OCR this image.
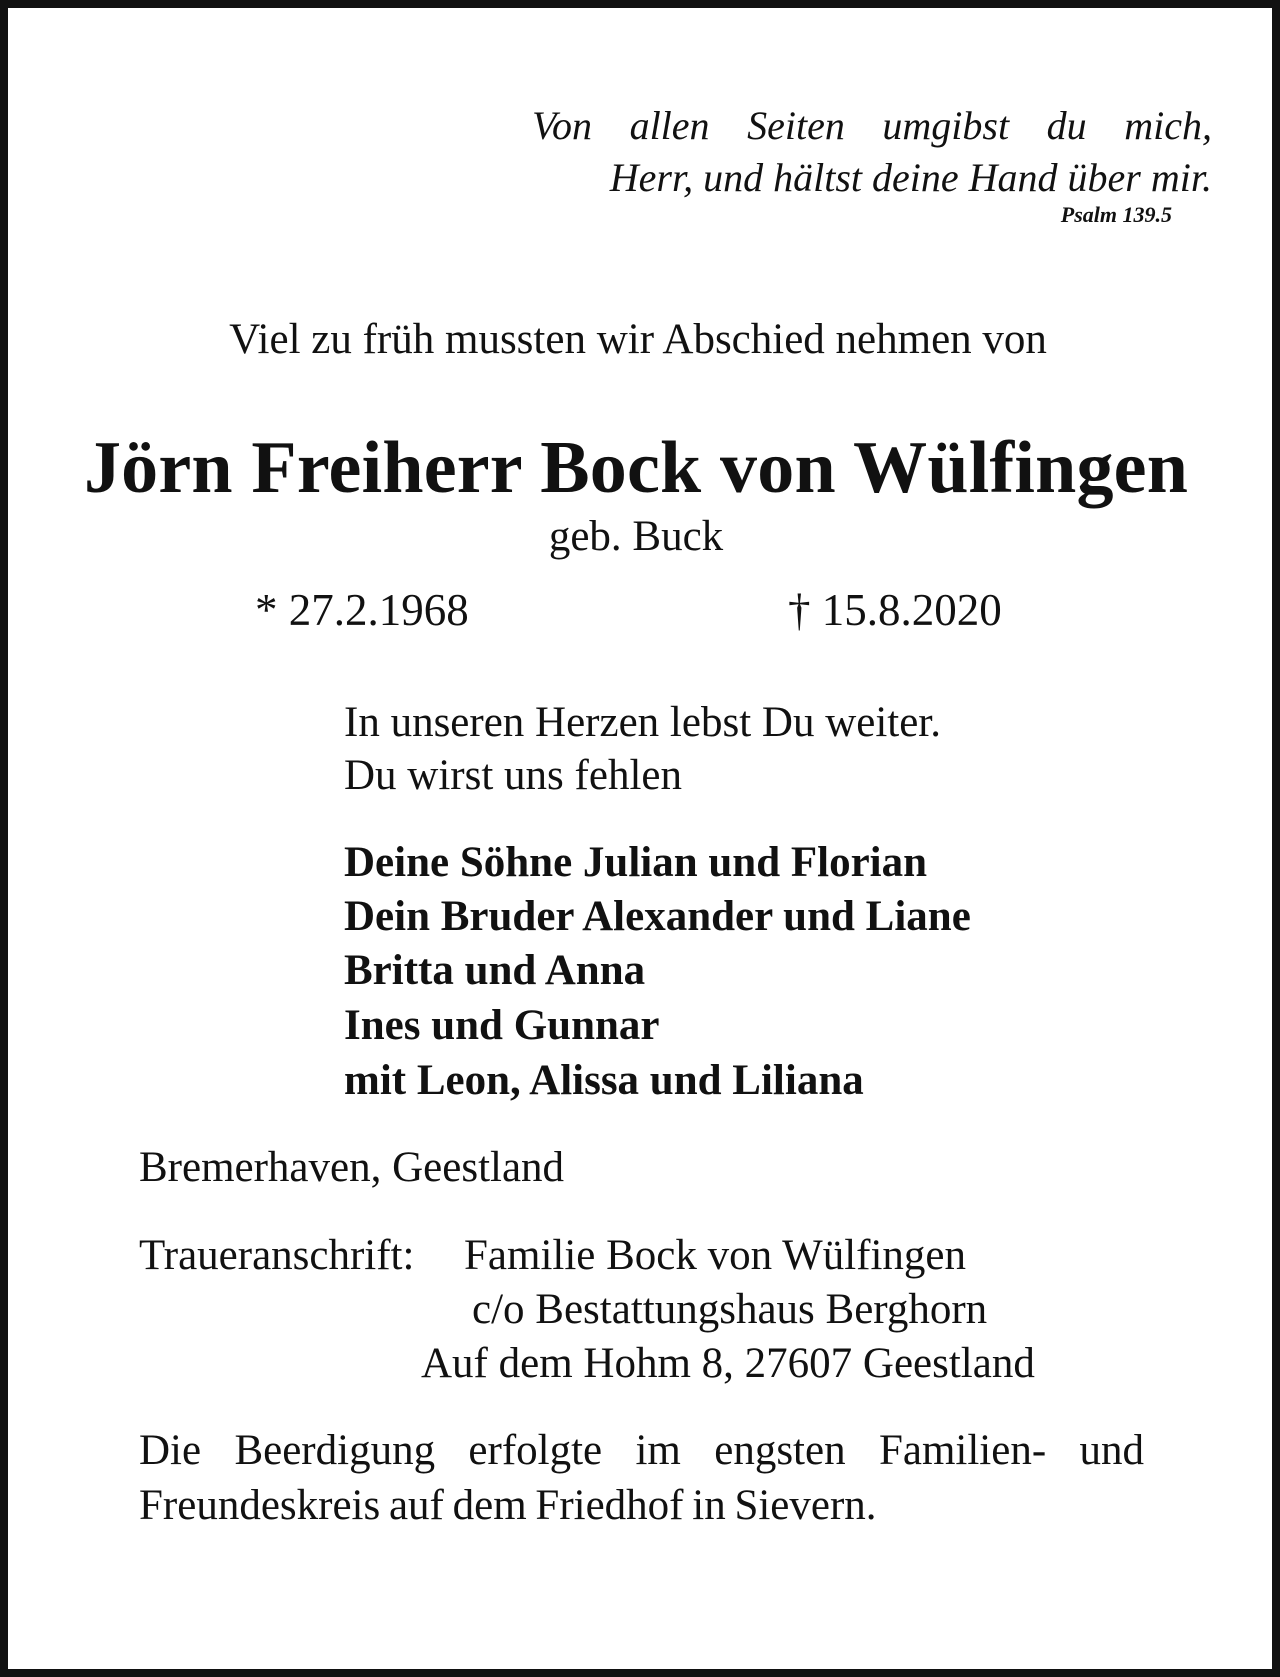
Von allen Seiten umgibst du mich,
Herr, und hältst deine Hand über mir.
Psalm 139.5
Viel zu früh mussten wir Abschied nehmen von
Jörn Freiherr Bock von Wülfingen
geb. Buck
* 27.2.1968	† 15.8.2020
In unseren Herzen lebst Du weiter.
Du wirst uns fehlen
Deine Söhne Julian und Florian
Dein Bruder Alexander und Liane
Britta und Anna
Ines und Gunnar
mit Leon, Alissa und Liliana
Bremerhaven, Geestland
Traueranschrift: Familie Bock von Wülfingen
c/o Bestattungshaus Berghorn
Auf dem Hohm 8, 27607 Geestland
Die Beerdigung erfolgte im engsten Familien- und
Freundeskreis auf dem Friedhof in Sievern.
